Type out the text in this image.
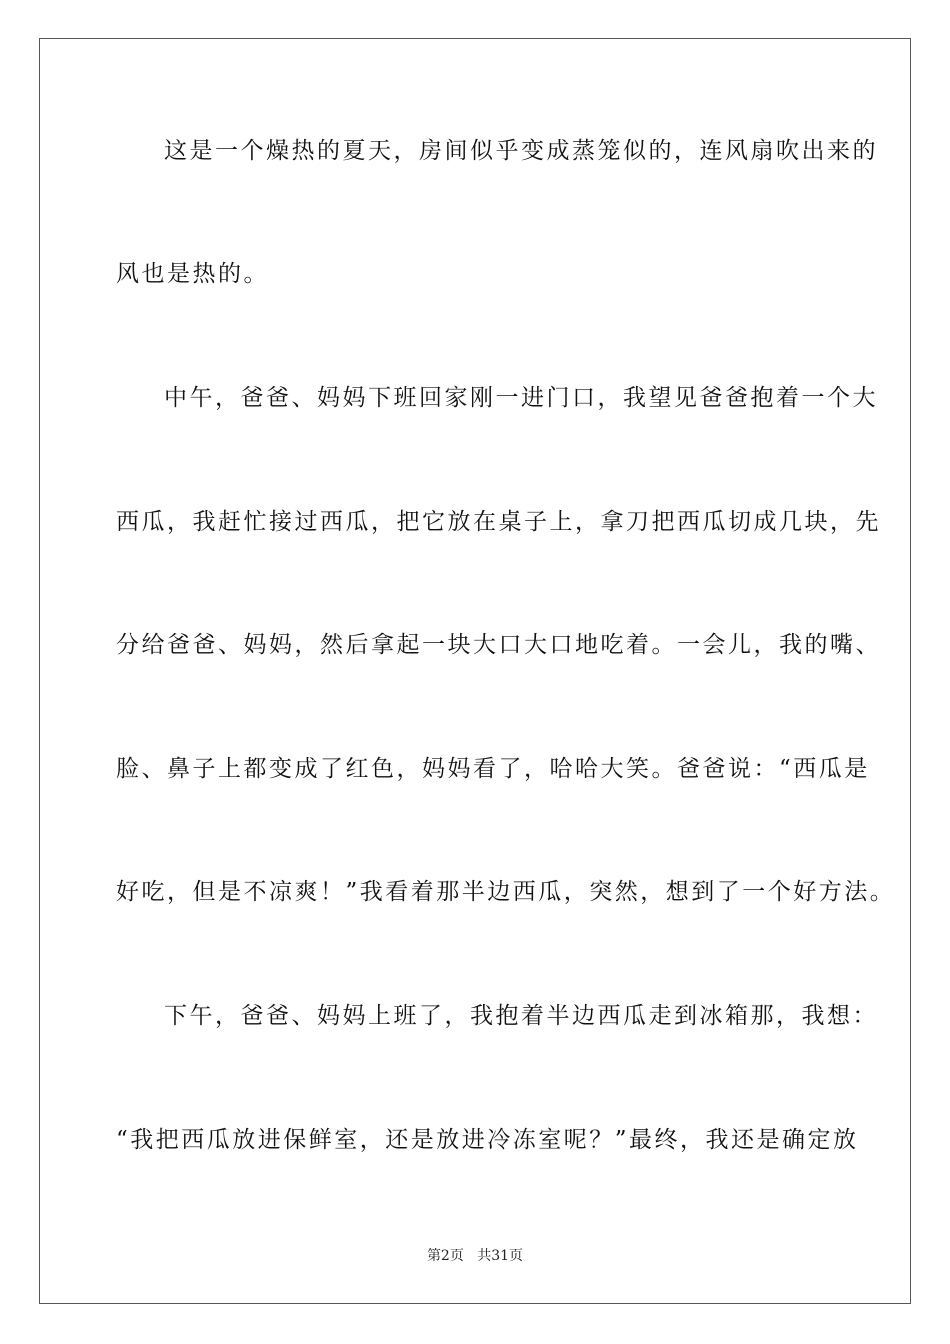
这是一个燥热的夏天，房间似乎变成蒸笼似的，连风扇吹出来的
风也是热的。
中午，爸爸、妈妈下班回家刚一进门口，我望见爸爸抱着一个大
西瓜，我赶忙接过西瓜，把它放在桌子上，拿刀把西瓜切成几块，先
分给爸爸、妈妈，然后拿起一块大口大口地吃着。一会儿，我的嘴、
脸、鼻子上都变成了红色，妈妈看了，哈哈大笑。爸爸说：“西瓜是
好吃，但是不凉爽！”我看着那半边西瓜，突然，想到了一个好方法。
下午，爸爸、妈妈上班了，我抱着半边西瓜走到冰箱那，我想：
“我把西瓜放进保鲜室，还是放进冷冻室呢？”最终，我还是确定放
第2页 共31页
